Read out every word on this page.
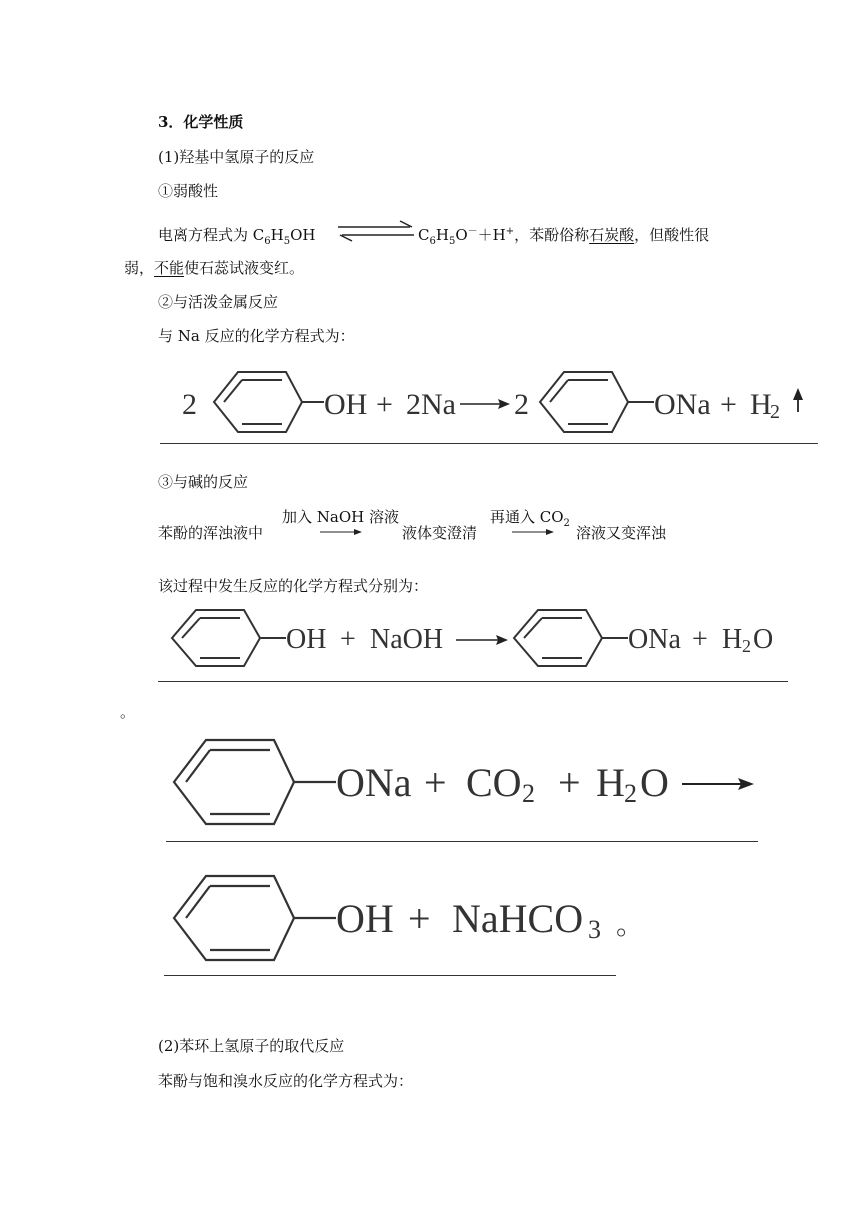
3．化学性质
(1)羟基中氢原子的反应
①弱酸性
电离方程式为 $C_6H_5OH$	$C_6H_5O^-+H^+$，苯酚俗称石炭酸，但酸性很
弱，不能使石蕊试液变红。
②与活泼金属反应
与 Na 反应的化学方程式为：
2	OH + 2Na 2	ONa + H
2
③与碱的反应
苯酚的浑浊液中
加入 NaOH 溶液
液体变澄清
再通入 $CO_2$
溶液又变浑浊
该过程中发生反应的化学方程式分别为：
OH + NaOH	ONa + H 2 O
。
ONa + CO 2 + H 2 O
OH + NaHCO 3 。
(2)苯环上氢原子的取代反应
苯酚与饱和溴水反应的化学方程式为：
